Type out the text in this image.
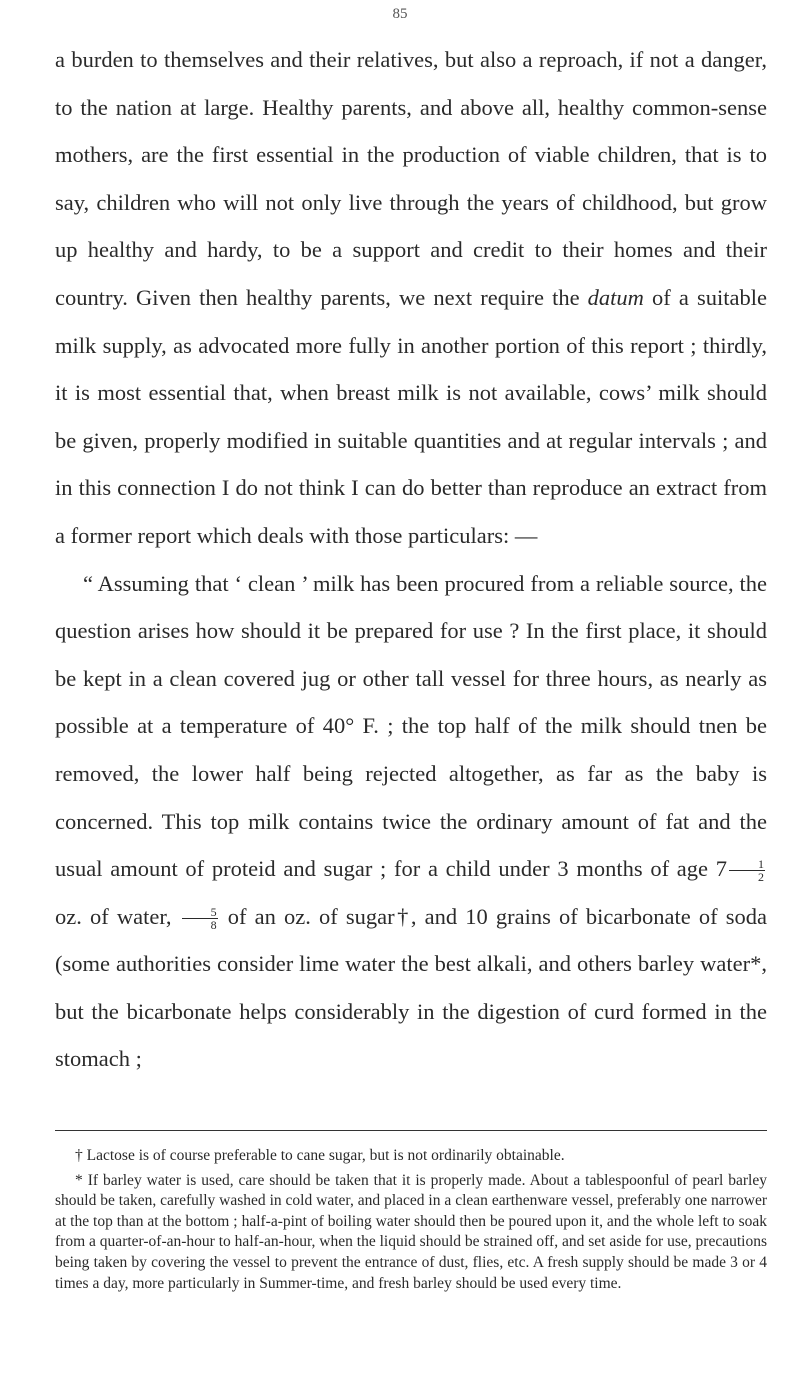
85

a burden to themselves and their relatives, but also a reproach, if not a danger, to the nation at large. Healthy parents, and above all, healthy common-sense mothers, are the first essential in the production of viable children, that is to say, children who will not only live through the years of childhood, but grow up healthy and hardy, to be a support and credit to their homes and their country. Given then healthy parents, we next require the datum of a suitable milk supply, as advocated more fully in another portion of this report ; thirdly, it is most essential that, when breast milk is not available, cows’ milk should be given, properly modified in suitable quantities and at regular intervals ; and in this connection I do not think I can do better than reproduce an extract from a former report which deals with those particulars: —

“ Assuming that ‘ clean ’ milk has been procured from a reliable source, the question arises how should it be prepared for use ? In the first place, it should be kept in a clean covered jug or other tall vessel for three hours, as nearly as possible at a temperature of 40° F. ; the top half of the milk should tnen be removed, the lower half being rejected altogether, as far as the baby is concerned. This top milk contains twice the ordinary amount of fat and the usual amount of proteid and sugar ; for a child under 3 months of age $7 \frac{1}{2}$
oz. of water, $\frac{5}{8}$ of an oz. of sugar†, and 10 grains of bicarbonate of soda (some authorities consider lime water the best alkali, and others barley water*, but the bicarbonate helps considerably in the digestion of curd formed in the stomach ;

† Lactose is of course preferable to cane sugar, but is not ordinarily obtainable.

* If barley water is used, care should be taken that it is properly made. About a tablespoonful of pearl barley should be taken, carefully washed in cold water, and placed in a clean earthenware vessel, preferably one narrower at the top than at the bottom ; half-a-pint of boiling water should then be poured upon it, and the whole left to soak from a quarter-of-an-hour to half-an-hour, when the liquid should be strained off, and set aside for use, precautions being taken by covering the vessel to prevent the entrance of dust, flies, etc. A fresh supply should be made 3 or 4 times a day, more particularly in Summer-time, and fresh barley should be used every time.
